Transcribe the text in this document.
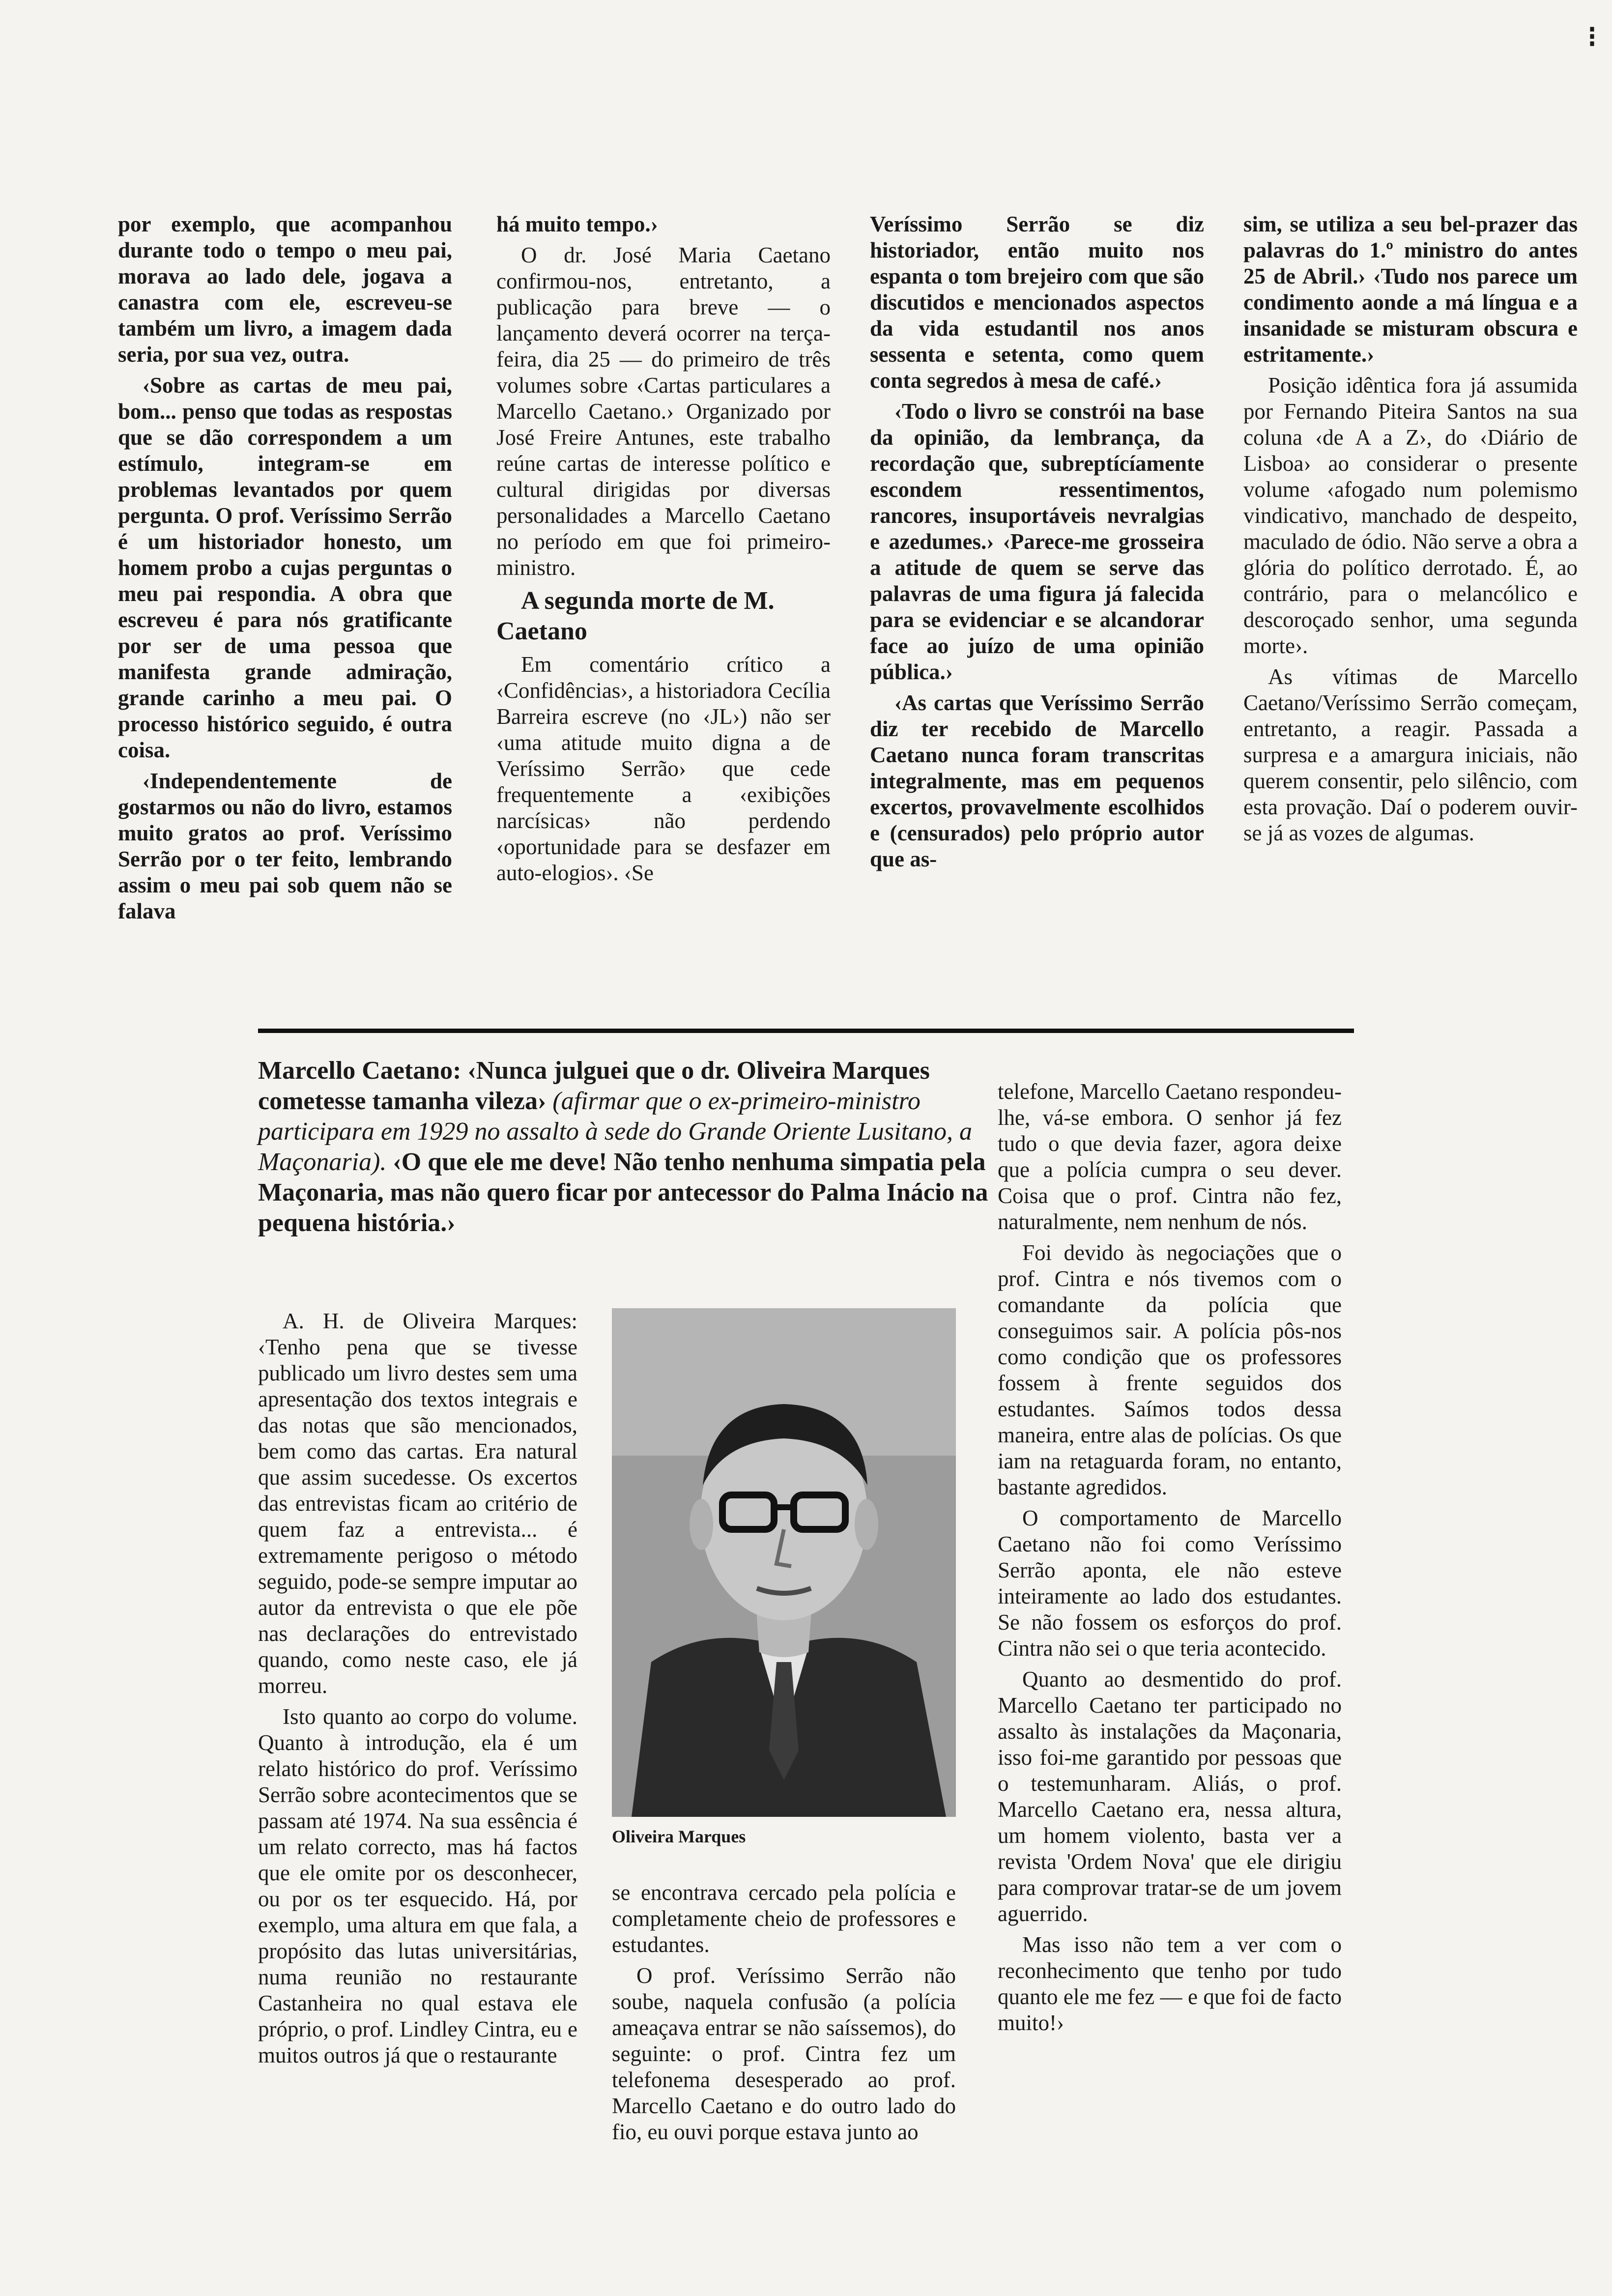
⁝

por exemplo, que acompanhou durante todo o tempo o meu pai, morava ao lado dele, jogava a canastra com ele, escreveu-se também um livro, a imagem dada seria, por sua vez, outra.

‹Sobre as cartas de meu pai, bom... penso que todas as respostas que se dão correspondem a um estímulo, integram-se em problemas levantados por quem pergunta. O prof. Veríssimo Serrão é um historiador honesto, um homem probo a cujas perguntas o meu pai respondia. A obra que escreveu é para nós gratificante por ser de uma pessoa que manifesta grande admiração, grande carinho a meu pai. O processo histórico seguido, é outra coisa.

‹Independentemente de gostarmos ou não do livro, estamos muito gratos ao prof. Veríssimo Serrão por o ter feito, lembrando assim o meu pai sob quem não se falava

há muito tempo.›

O dr. José Maria Caetano confirmou-nos, entretanto, a publicação para breve — o lançamento deverá ocorrer na terça-feira, dia 25 — do primeiro de três volumes sobre ‹Cartas particulares a Marcello Caetano.› Organizado por José Freire Antunes, este trabalho reúne cartas de interesse político e cultural dirigidas por diversas personalidades a Marcello Caetano no período em que foi primeiro-ministro.

A segunda morte de M. Caetano

Em comentário crítico a ‹Confidências›, a historiadora Cecília Barreira escreve (no ‹JL›) não ser ‹uma atitude muito digna a de Veríssimo Serrão› que cede frequentemente a ‹exibições narcísicas› não perdendo ‹oportunidade para se desfazer em auto-elogios›. ‹Se

Veríssimo Serrão se diz historiador, então muito nos espanta o tom brejeiro com que são discutidos e mencionados aspectos da vida estudantil nos anos sessenta e setenta, como quem conta segredos à mesa de café.›

‹Todo o livro se constrói na base da opinião, da lembrança, da recordação que, subreptícíamente escondem ressentimentos, rancores, insuportáveis nevralgias e azedumes.› ‹Parece-me grosseira a atitude de quem se serve das palavras de uma figura já falecida para se evidenciar e se alcandorar face ao juízo de uma opinião pública.›

‹As cartas que Veríssimo Serrão diz ter recebido de Marcello Caetano nunca foram transcritas integralmente, mas em pequenos excertos, provavelmente escolhidos e (censurados) pelo próprio autor que as-

sim, se utiliza a seu bel-prazer das palavras do 1.º ministro do antes 25 de Abril.› ‹Tudo nos parece um condimento aonde a má língua e a insanidade se misturam obscura e estritamente.›

Posição idêntica fora já assumida por Fernando Piteira Santos na sua coluna ‹de A a Z›, do ‹Diário de Lisboa› ao considerar o presente volume ‹afogado num polemismo vindicativo, manchado de despeito, maculado de ódio. Não serve a obra a glória do político derrotado. É, ao contrário, para o melancólico e descoroçado senhor, uma segunda morte›.

As vítimas de Marcello Caetano/Veríssimo Serrão começam, entretanto, a reagir. Passada a surpresa e a amargura iniciais, não querem consentir, pelo silêncio, com esta provação. Daí o poderem ouvir-se já as vozes de algumas.

Marcello Caetano: ‹Nunca julguei que o dr. Oliveira Marques cometesse tamanha vileza› (afirmar que o ex-primeiro-ministro participara em 1929 no assalto à sede do Grande Oriente Lusitano, a Maçonaria). ‹O que ele me deve! Não tenho nenhuma simpatia pela Maçonaria, mas não quero ficar por antecessor do Palma Inácio na pequena história.›

A. H. de Oliveira Marques: ‹Tenho pena que se tivesse publicado um livro destes sem uma apresentação dos textos integrais e das notas que são mencionados, bem como das cartas. Era natural que assim sucedesse. Os excertos das entrevistas ficam ao critério de quem faz a entrevista... é extremamente perigoso o método seguido, pode-se sempre imputar ao autor da entrevista o que ele põe nas declarações do entrevistado quando, como neste caso, ele já morreu.

Isto quanto ao corpo do volume. Quanto à introdução, ela é um relato histórico do prof. Veríssimo Serrão sobre acontecimentos que se passam até 1974. Na sua essência é um relato correcto, mas há factos que ele omite por os desconhecer, ou por os ter esquecido. Há, por exemplo, uma altura em que fala, a propósito das lutas universitárias, numa reunião no restaurante Castanheira no qual estava ele próprio, o prof. Lindley Cintra, eu e muitos outros já que o restaurante

Oliveira Marques

se encontrava cercado pela polícia e completamente cheio de professores e estudantes.

O prof. Veríssimo Serrão não soube, naquela confusão (a polícia ameaçava entrar se não saíssemos), do seguinte: o prof. Cintra fez um telefonema desesperado ao prof. Marcello Caetano e do outro lado do fio, eu ouvi porque estava junto ao

telefone, Marcello Caetano respondeu-lhe, vá-se embora. O senhor já fez tudo o que devia fazer, agora deixe que a polícia cumpra o seu dever. Coisa que o prof. Cintra não fez, naturalmente, nem nenhum de nós.

Foi devido às negociações que o prof. Cintra e nós tivemos com o comandante da polícia que conseguimos sair. A polícia pôs-nos como condição que os professores fossem à frente seguidos dos estudantes. Saímos todos dessa maneira, entre alas de polícias. Os que iam na retaguarda foram, no entanto, bastante agredidos.

O comportamento de Marcello Caetano não foi como Veríssimo Serrão aponta, ele não esteve inteiramente ao lado dos estudantes. Se não fossem os esforços do prof. Cintra não sei o que teria acontecido.

Quanto ao desmentido do prof. Marcello Caetano ter participado no assalto às instalações da Maçonaria, isso foi-me garantido por pessoas que o testemunharam. Aliás, o prof. Marcello Caetano era, nessa altura, um homem violento, basta ver a revista 'Ordem Nova' que ele dirigiu para comprovar tratar-se de um jovem aguerrido.

Mas isso não tem a ver com o reconhecimento que tenho por tudo quanto ele me fez — e que foi de facto muito!›
